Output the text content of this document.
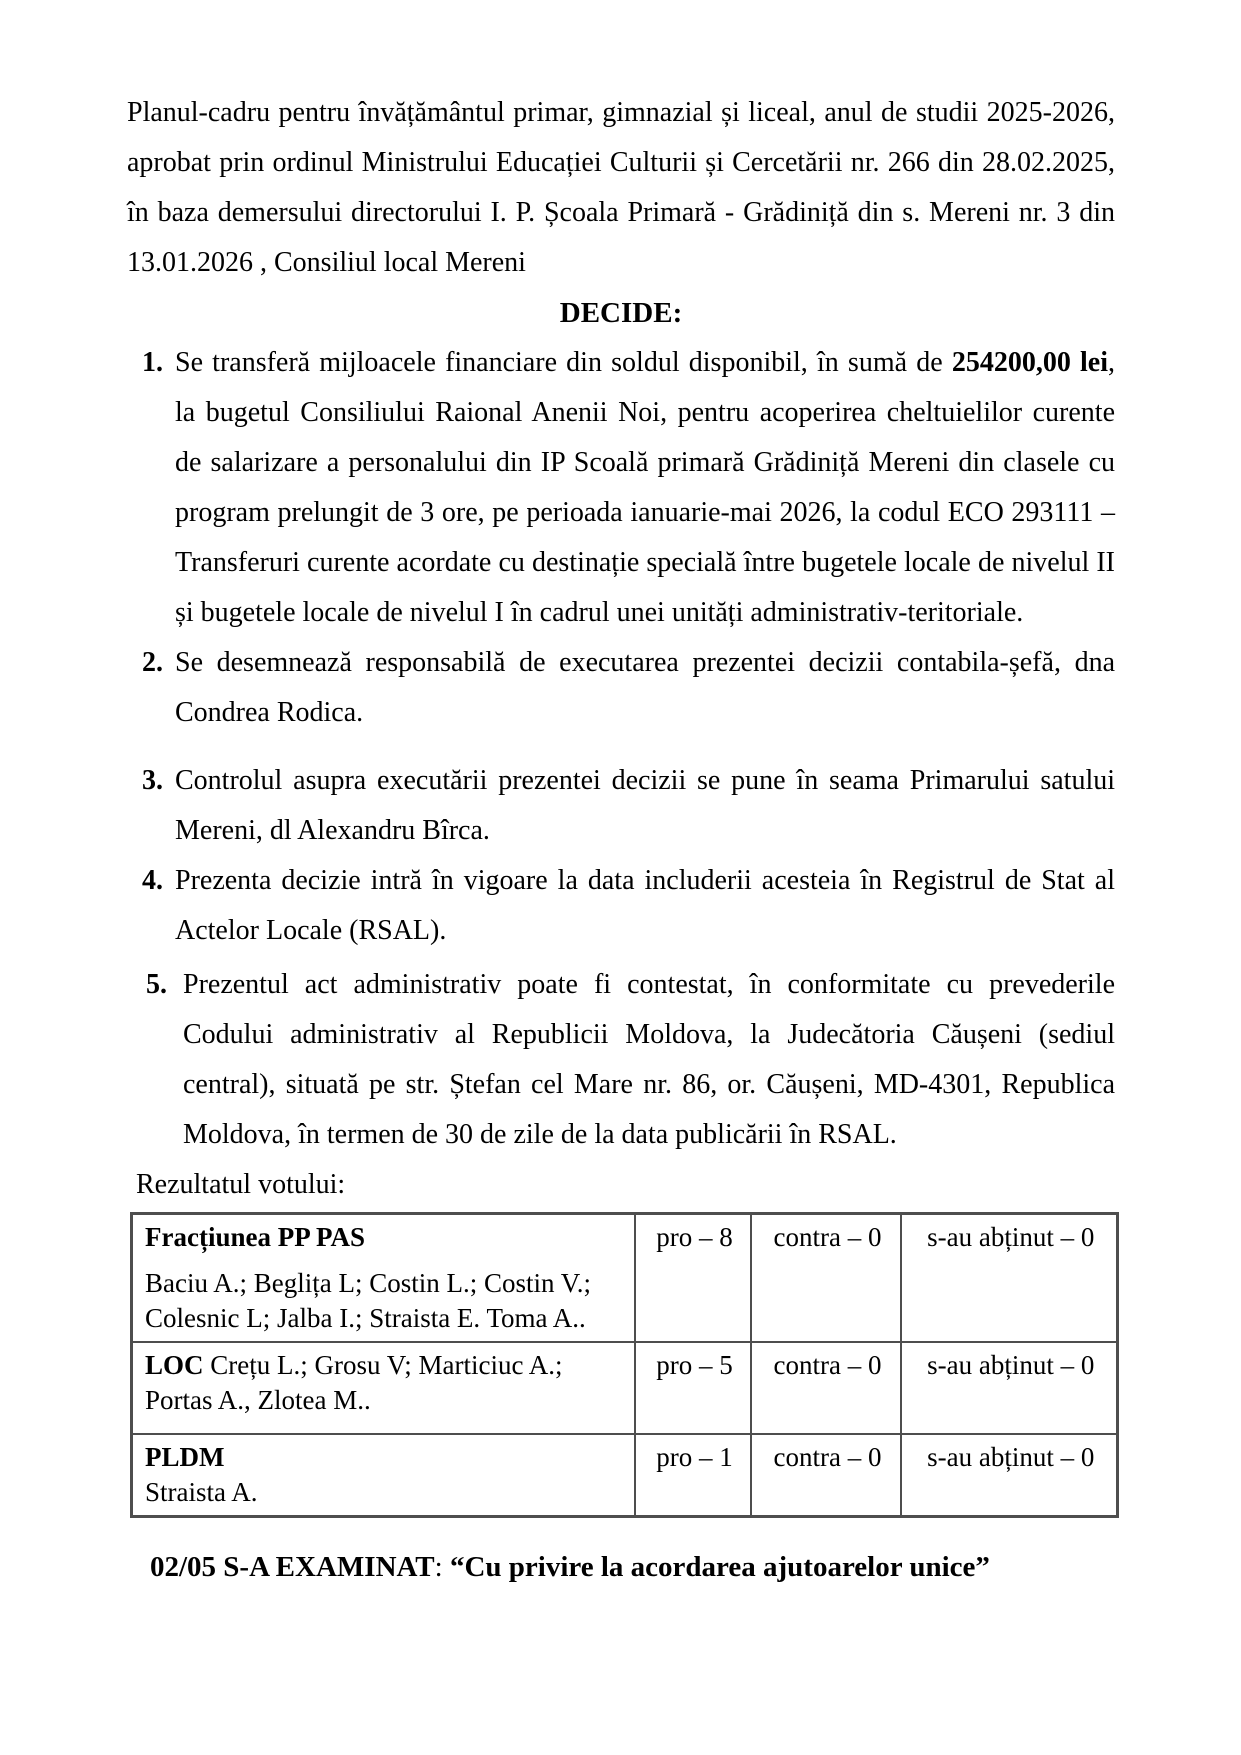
Planul-cadru pentru învățământul primar, gimnazial și liceal, anul de studii 2025-2026, aprobat prin ordinul Ministrului Educației Culturii și Cercetării nr. 266 din 28.02.2025, în baza demersului directorului I. P. Școala Primară - Grădiniță din s. Mereni nr. 3 din 13.01.2026 , Consiliul local Mereni

DECIDE:

1. Se transferă mijloacele financiare din soldul disponibil, în sumă de 254200,00 lei, la bugetul Consiliului Raional Anenii Noi, pentru acoperirea cheltuielilor curente de salarizare a personalului din IP Scoală primară Grădiniță Mereni din clasele cu program prelungit de 3 ore, pe perioada ianuarie-mai 2026, la codul ECO 293111 – Transferuri curente acordate cu destinație specială între bugetele locale de nivelul II și bugetele locale de nivelul I în cadrul unei unități administrativ-teritoriale.

2. Se desemnează responsabilă de executarea prezentei decizii contabila-șefă, dna Condrea Rodica.

3. Controlul asupra executării prezentei decizii se pune în seama Primarului satului Mereni, dl Alexandru Bîrca.

4. Prezenta decizie intră în vigoare la data includerii acesteia în Registrul de Stat al Actelor Locale (RSAL).

5. Prezentul act administrativ poate fi contestat, în conformitate cu prevederile Codului administrativ al Republicii Moldova, la Judecătoria Căușeni (sediul central), situată pe str. Ștefan cel Mare nr. 86, or. Căușeni, MD-4301, Republica Moldova, în termen de 30 de zile de la data publicării în RSAL.

Rezultatul votului:

Fracțiunea PP PAS
Baciu A.; Beglița L; Costin L.; Costin V.; Colesnic L; Jalba I.; Straista E. Toma A..	pro – 8	contra – 0	s-au abținut – 0
LOC Crețu L.; Grosu V; Marticiuc A.; Portas A., Zlotea M..	pro – 5	contra – 0	s-au abținut – 0

PLDM
Straista A.	pro – 1	contra – 0	s-au abținut – 0

02/05 S-A EXAMINAT: “Cu privire la acordarea ajutoarelor unice”
